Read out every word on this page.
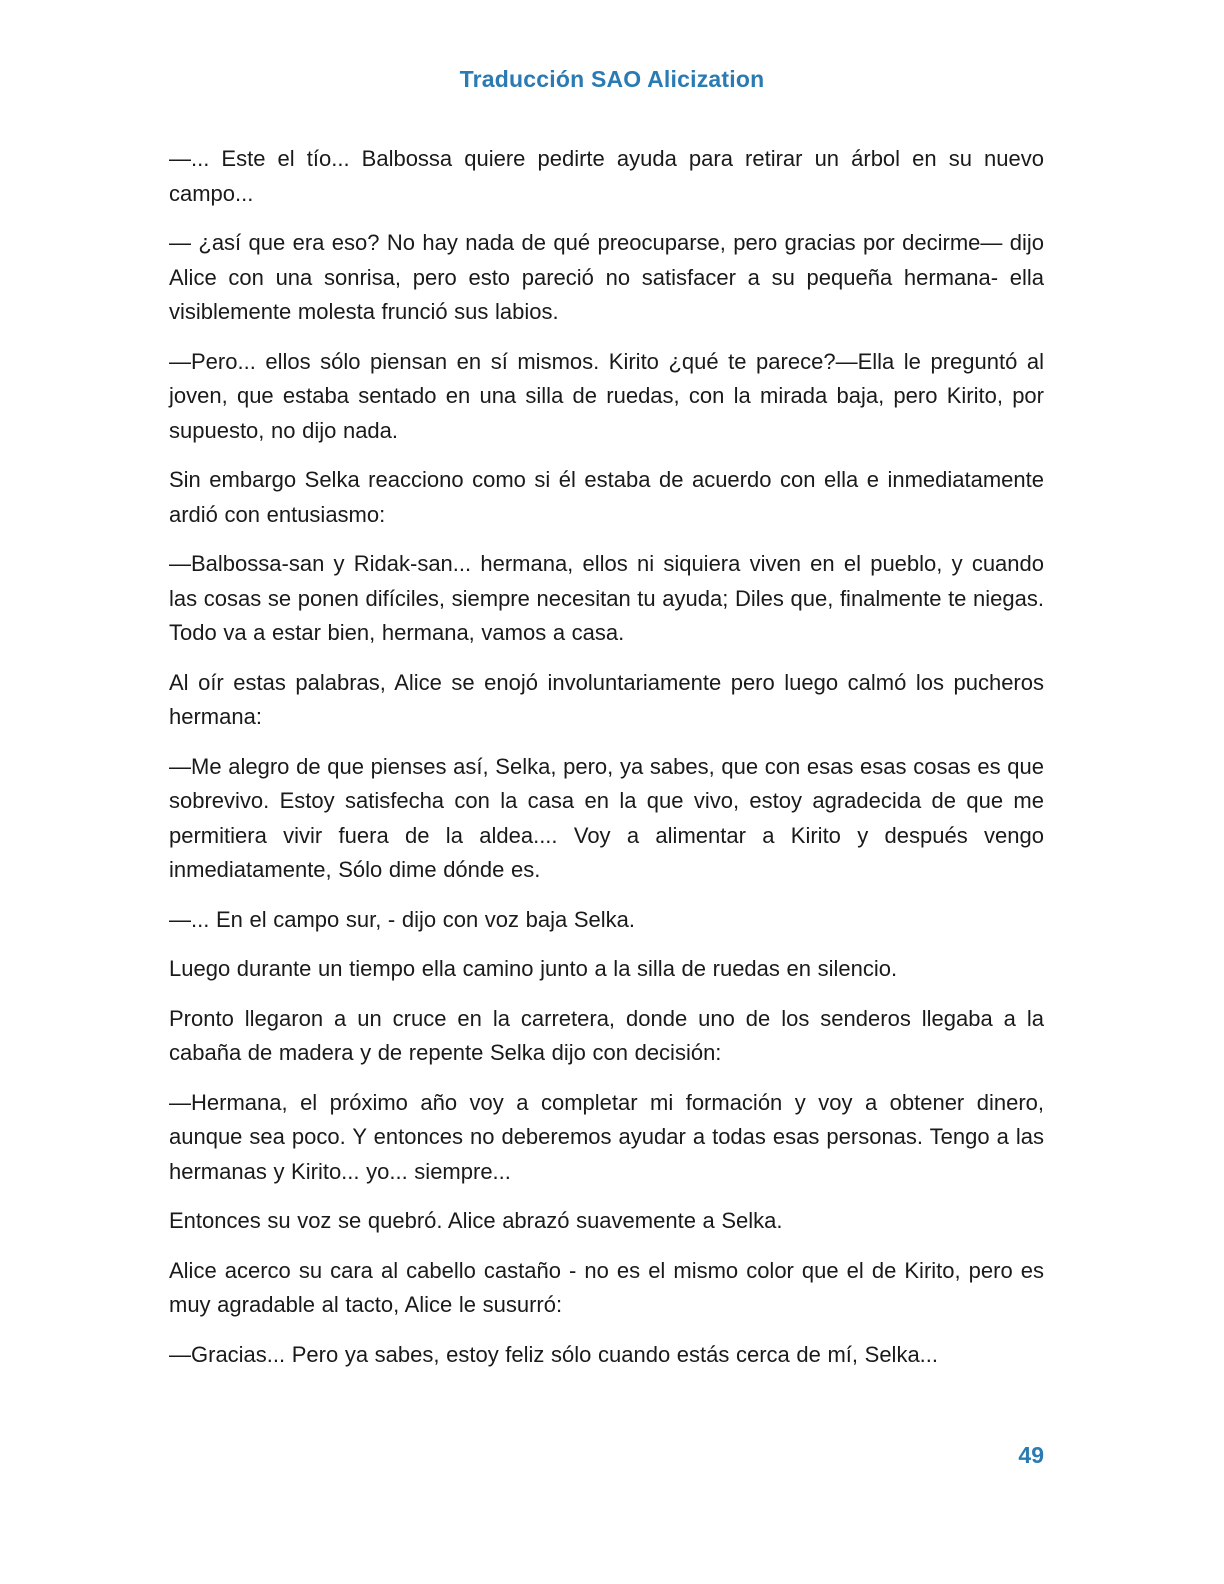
Traducción SAO Alicization

—... Este el tío... Balbossa quiere pedirte ayuda para retirar un árbol en su nuevo campo...

— ¿así que era eso? No hay nada de qué preocuparse, pero gracias por decirme— dijo Alice con una sonrisa, pero esto pareció no satisfacer a su pequeña hermana- ella visiblemente molesta frunció sus labios.

—Pero... ellos sólo piensan en sí mismos. Kirito ¿qué te parece?—Ella le preguntó al joven, que estaba sentado en una silla de ruedas, con la mirada baja, pero Kirito, por supuesto, no dijo nada.

Sin embargo Selka reacciono como si él estaba de acuerdo con ella e inmediatamente ardió con entusiasmo:

—Balbossa-san y Ridak-san... hermana, ellos ni siquiera viven en el pueblo, y cuando las cosas se ponen difíciles, siempre necesitan tu ayuda; Diles que, finalmente te niegas. Todo va a estar bien, hermana, vamos a casa.

Al oír estas palabras, Alice se enojó involuntariamente pero luego calmó los pucheros hermana:

—Me alegro de que pienses así, Selka, pero, ya sabes, que con esas esas cosas es que sobrevivo. Estoy satisfecha con la casa en la que vivo, estoy agradecida de que me permitiera vivir fuera de la aldea.... Voy a alimentar a Kirito y después vengo inmediatamente, Sólo dime dónde es.

—... En el campo sur, - dijo con voz baja Selka.

Luego durante un tiempo ella camino junto a la silla de ruedas en silencio.

Pronto llegaron a un cruce en la carretera, donde uno de los senderos llegaba a la cabaña de madera y de repente Selka dijo con decisión:

—Hermana, el próximo año voy a completar mi formación y voy a obtener dinero, aunque sea poco. Y entonces no deberemos ayudar a todas esas personas. Tengo a las hermanas y Kirito... yo... siempre...

Entonces su voz se quebró. Alice abrazó suavemente a Selka.

Alice acerco su cara al cabello castaño - no es el mismo color que el de Kirito, pero es muy agradable al tacto, Alice le susurró:

—Gracias... Pero ya sabes, estoy feliz sólo cuando estás cerca de mí, Selka...

49
